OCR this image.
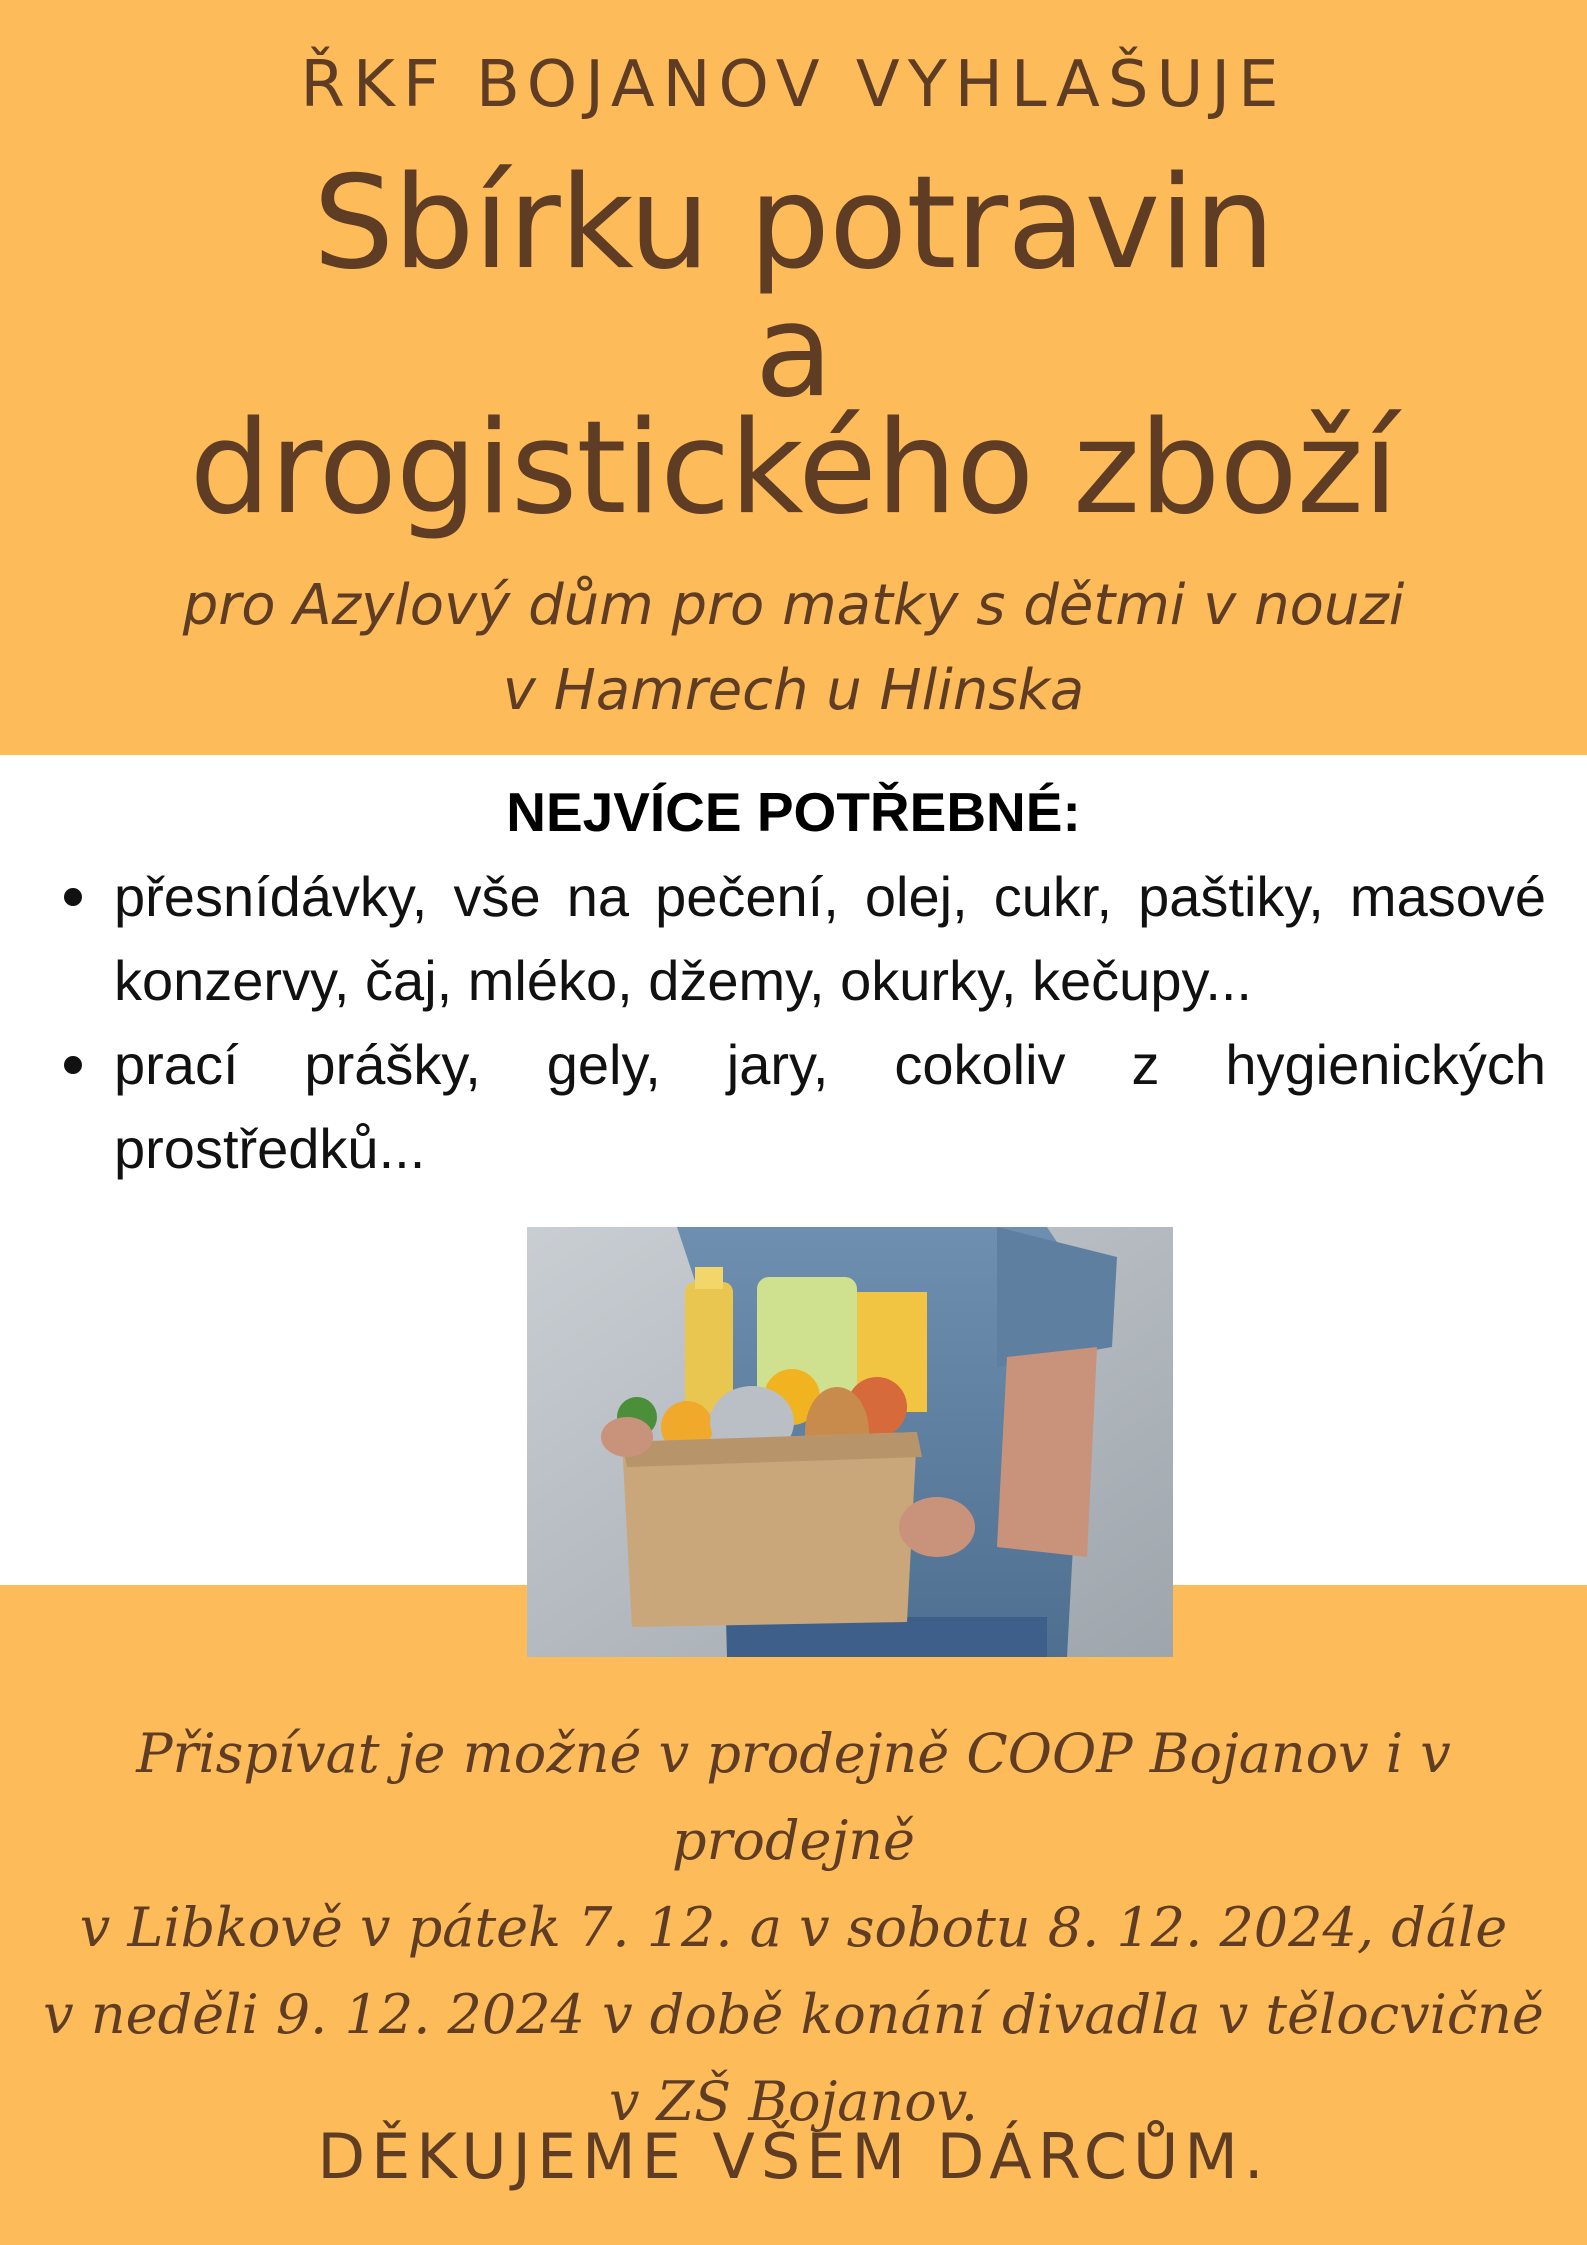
ŘKF BOJANOV VYHLAŠUJE
Sbírku potravin
a
drogistického zboží
pro Azylový dům pro matky s dětmi v nouzi
v Hamrech u Hlinska
NEJVÍCE POTŘEBNÉ:
přesnídávky, vše na pečení, olej, cukr, paštiky, masové konzervy, čaj, mléko, džemy, okurky, kečupy...
prací prášky, gely, jary, cokoliv z hygienických prostředků...
Přispívat je možné v prodejně COOP Bojanov i v prodejně
v Libkově v pátek 7. 12. a v sobotu 8. 12. 2024, dále
v neděli 9. 12. 2024 v době konání divadla v tělocvičně
v ZŠ Bojanov.
DĚKUJEME VŠEM DÁRCŮM.
